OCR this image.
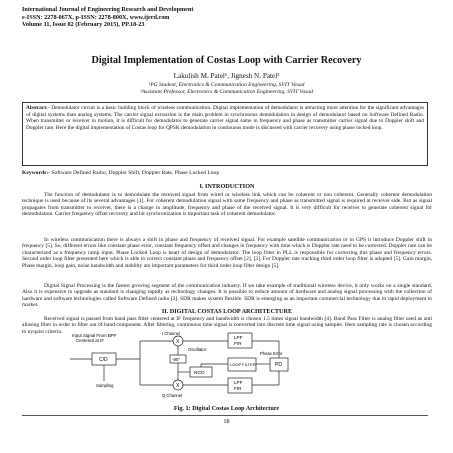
International Journal of Engineering Research and Development
e-ISSN: 2278-067X, p-ISSN: 2278-800X, www.ijerd.com
Volume 11, Issue 02 (February 2015), PP.18-23
Digital Implementation of Costas Loop with Carrier Recovery
Lakulish M. Patel¹, Jignesh N. Patel²
¹PG Student, Electronics & Communication Engineering, SVIT Vasad
²Assistant Professor, Electronics & Communication Engineering, SVIT Vasad
Abstract:- Demodulator circuit is a basic building block of wireless communication. Digital implementation of demodulator is attracting more attention for the significant advantages of digital systems than analog systems. The carrier signal extraction is the main problem in synchronous demodulation in design of demodulator based on Software Defined Radio. When transmitter or receiver in motion, it is difficult for demodulator to generate carrier signal same in frequency and phase as transmitter carrier signal due to Doppler shift and Doppler rate. Here the digital implementation of Costas loop for QPSK demodulation in continuous mode is discussed with carrier recovery using phase locked loop.
Keywords:- Software Defined Radio, Doppler Shift, Doppler Rate, Phase Locked Loop
I. INTRODUCTION
The function of demodulator is to demodulate the received signal from wired or wireless link which can be coherent or non coherent. Generally coherent demodulation technique is used because of its several advantages [1]. For coherent demodulation signal with same frequency and phase as transmitted signal is required at receiver side. But as signal propagates from transmitter to receiver, there is a change in amplitude, frequency and phase of the received signal. It is very difficult for receiver to generate coherent signal for demodulation. Carrier frequency offset recovery and bit synchronization is important task of coherent demodulator.
In wireless communication there is always a shift in phase and frequency of received signal. For example satellite communication or in GPS it introduce Doppler shift in frequency [5]. So, different errors like constant phase error, constant frequency offset and changes in frequency with time which is Doppler rate need to be corrected. Doppler rate can be characterized as a frequency ramp input. Phase Locked Loop is heart of design of demodulator. The loop filter in PLL is responsible for correcting this phase and frequency errors. Second order loop filter presented here which is able to correct constant phase and frequency offset [2], [3]. For Doppler rate tracking third order loop filter is adopted [5]. Gain margin, Phase margin, loop gain, noise bandwidth and stability are important parameters for third order loop filter design [5].
Digital Signal Processing is the fastest growing segment of the communication industry. If we take example of traditional wireless device, it only works on a single standard. Also it is expensive to upgrade as standard is changing rapidly as technology changes. It is possible to reduce amount of hardware and analog signal processing with the collection of hardware and software technologies called Software Defined radio [2]. SDR makes system flexible. SDR is emerging as an important commercial technology due to rapid deployment to market.
II. DIGITAL COSTAS LOOP ARCHITECTURE
Received signal is passed from band pass filter centered at IF frequency and bandwidth is chosen 1.5 times signal bandwidth [4]. Band Pass Filter is analog filter used as anti aliasing filter in order to filter out of band component. After filtering, continuous time signal is converted into discrete time signal using sampler. Here sampling rate is chosen according to nyquist criteria.
Input Signal From BPF
Centered at IF
C/D
Sampling
X
X
I Channel
Q Channel
Oscillator
-90°
NCO
LPF
FIR
LPF
FIR
LOOP FILTER	PD
Phase Error
Fig. 1: Digital Costas Loop Architecture
18
